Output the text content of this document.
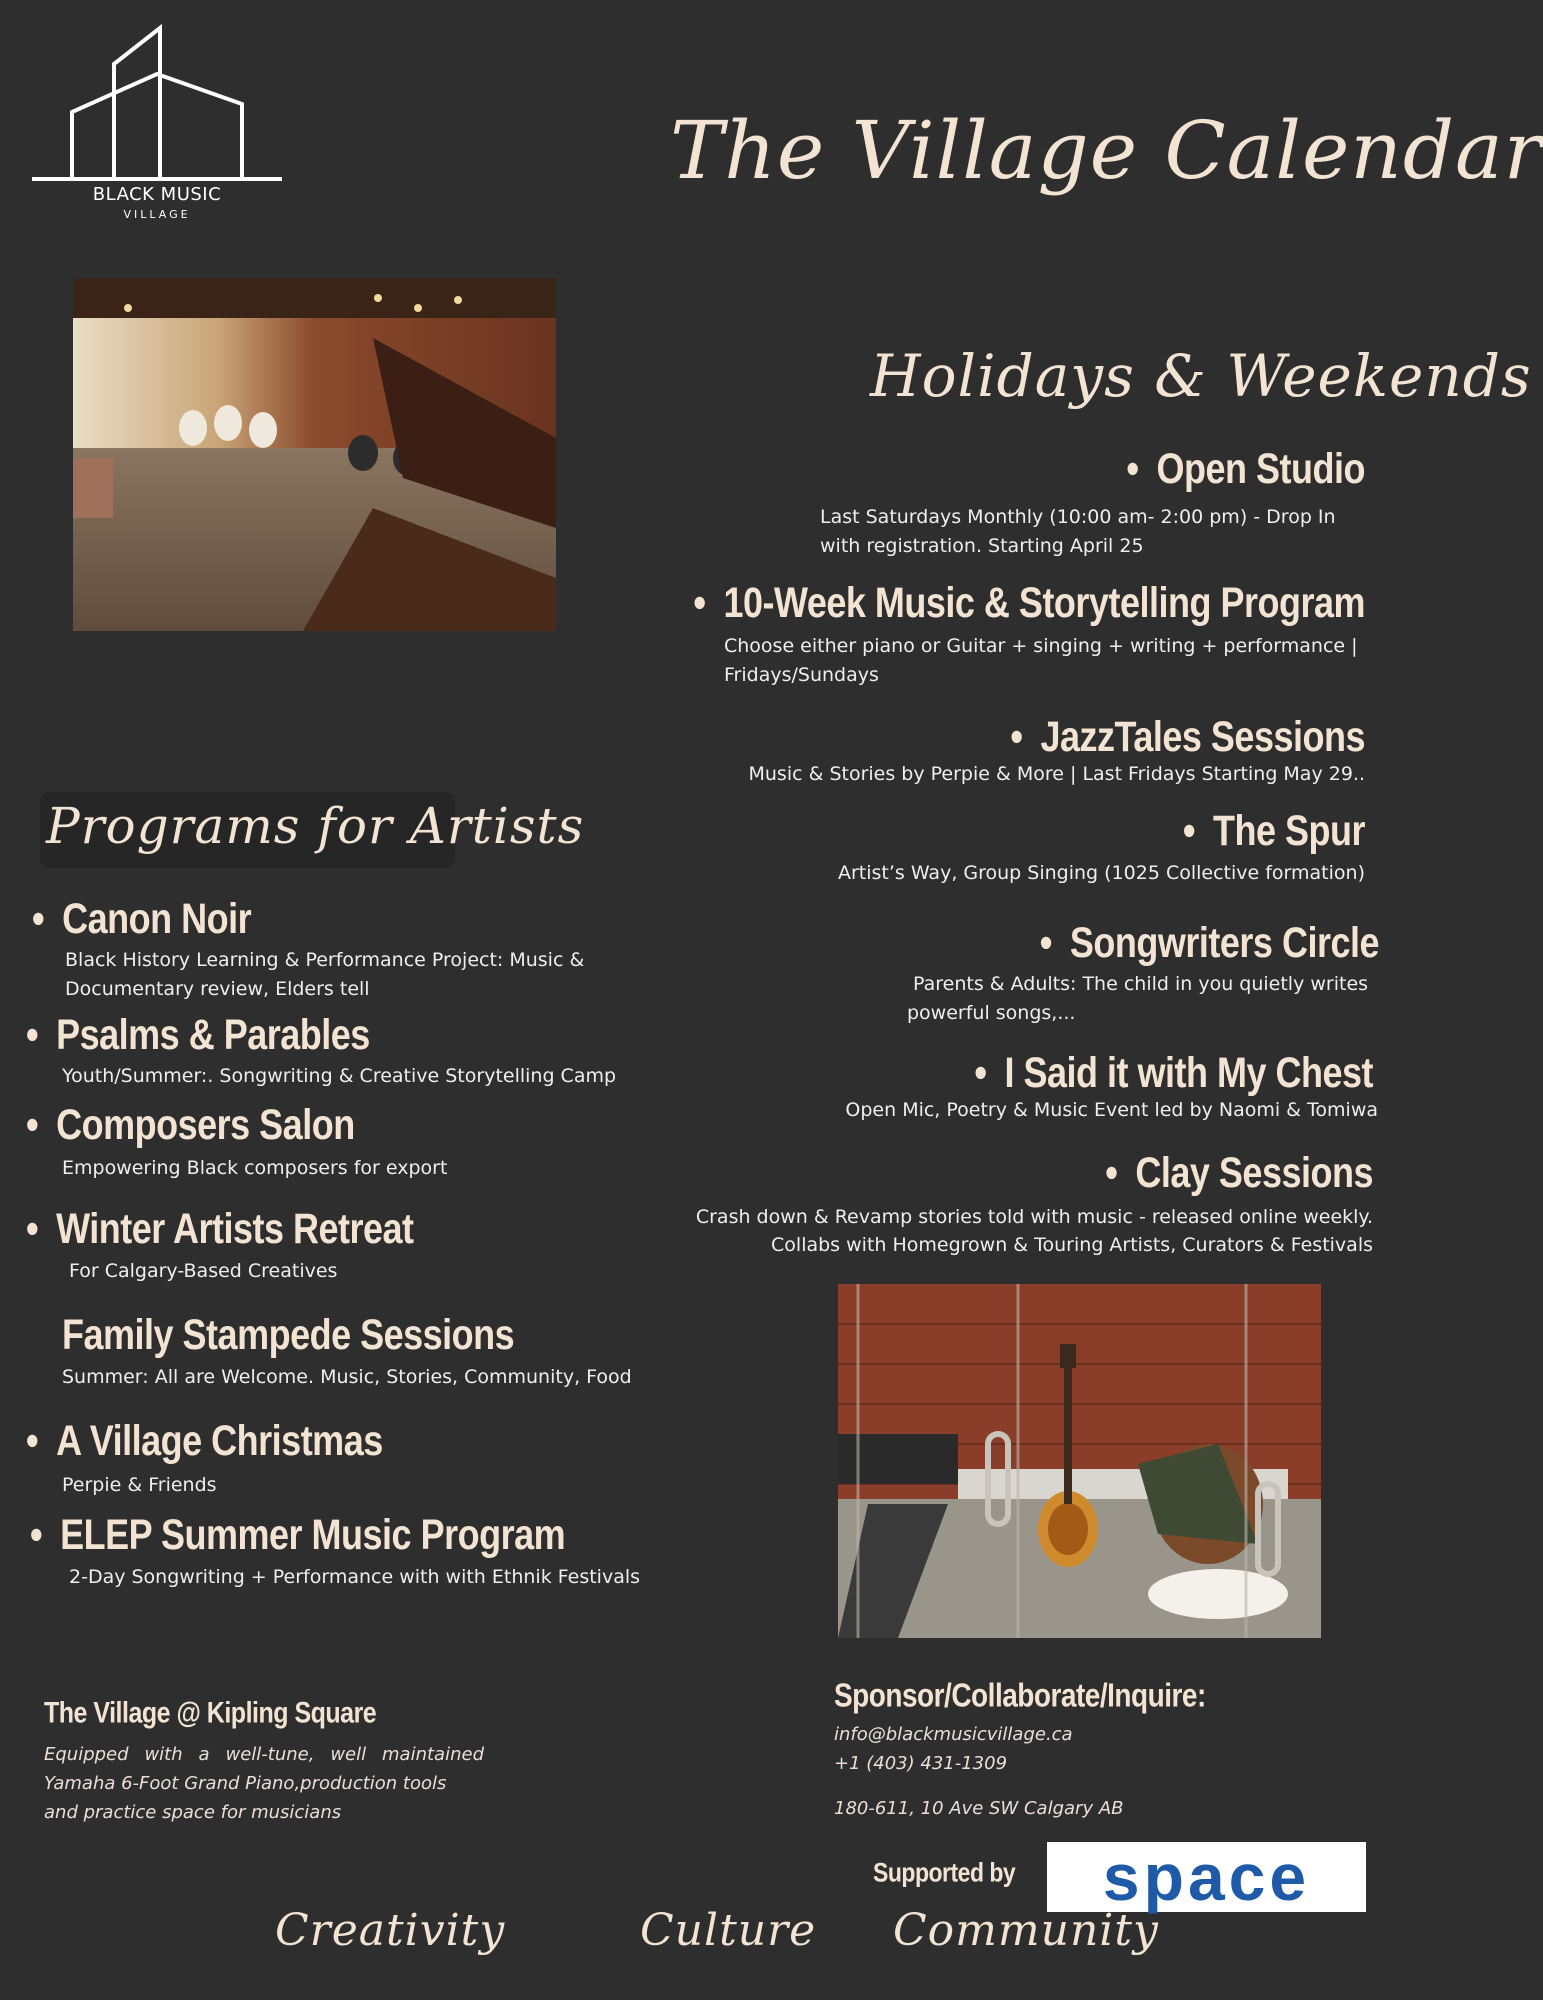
BLACK MUSIC
VILLAGE
The Village Calendar
Holidays & Weekends
• Open Studio
Last Saturdays Monthly (10:00 am- 2:00 pm) - Drop In with registration. Starting April 25
• 10-Week Music & Storytelling Program
Choose either piano or Guitar + singing + writing + performance | Fridays/Sundays
• JazzTales Sessions
Music & Stories by Perpie & More | Last Fridays Starting May 29..
• The Spur
Artist’s Way, Group Singing (1025 Collective formation)
• Songwriters Circle
Parents & Adults: The child in you quietly writes powerful songs,...
• I Said it with My Chest
Open Mic, Poetry & Music Event led by Naomi & Tomiwa
• Clay Sessions
Crash down & Revamp stories told with music - released online weekly.
Collabs with Homegrown & Touring Artists, Curators & Festivals
Programs for Artists
• Canon Noir
Black History Learning & Performance Project: Music & Documentary review, Elders tell
• Psalms & Parables
Youth/Summer:. Songwriting & Creative Storytelling Camp
• Composers Salon
Empowering Black composers for export
• Winter Artists Retreat
For Calgary-Based Creatives
Family Stampede Sessions
Summer: All are Welcome. Music, Stories, Community, Food
• A Village Christmas
Perpie & Friends
• ELEP Summer Music Program
2-Day Songwriting + Performance with with Ethnik Festivals
The Village @ Kipling Square
Equipped with a well-tune, well maintained
Yamaha 6-Foot Grand Piano,production tools
and practice space for musicians
Sponsor/Collaborate/Inquire:
info@blackmusicvillage.ca
+1 (403) 431-1309
180-611, 10 Ave SW Calgary AB
Supported by	space
Creativity	Culture Community
